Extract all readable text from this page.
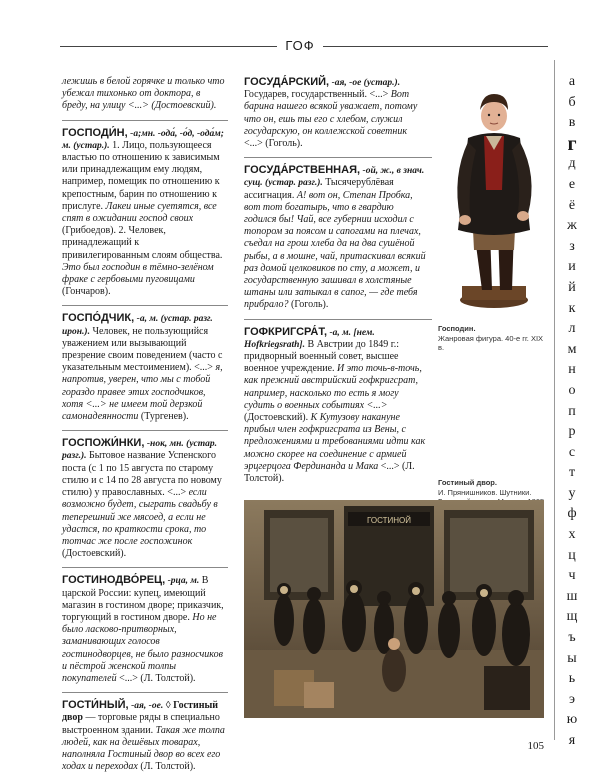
ГОФ
лежишь в белой горячке и только что убежал тихонько от доктора, в бреду, на улицу <...> (Достоевский).
ГОСПОДИ́Н, -а;мн. -ода́, -о́д, -ода́м; м. (устар.). 1. Лицо, пользующееся властью по отношению к зависимым или принадлежащим ему людям, например, помещик по отношению к крепостным, барин по отношению к прислуге. Лакеи иные суетятся, все спят в ожидании господ своих (Грибоедов). 2. Человек, принадлежащий к привилегированным слоям общества. Это был господин в тёмно-зелёном фраке с гербовыми пуговицами (Гончаров).
ГОСПО́ДЧИК, -а, м. (устар. разг. ирон.). Человек, не пользующийся уважением или вызывающий презрение своим поведением (часто с указательным местоимением). <...> я, напротив, уверен, что мы с тобой гораздо правее этих господчиков, хотя <...> не имеем той дерзкой самонадеянности (Тургенев).
ГОСПОЖИ́НКИ, -нок, мн. (устар. разг.). Бытовое название Успенского поста (с 1 по 15 августа по старому стилю и с 14 по 28 августа по новому стилю) у православных. <...> если возможно будет, сыграть свадьбу в теперешний же мясоед, а если не удастся, по краткости срока, то тотчас же после госпожинок (Достоевский).
ГОСТИНОДВО́РЕЦ, -рца, м. В царской России: купец, имеющий магазин в гостином дворе; приказчик, торгующий в гостином дворе. Но не было ласково-притворных, заманивающих голосов гостинодворцев, не было разносчиков и пёстрой женской толпы покупателей <...> (Л. Толстой).
ГОСТИ́НЫЙ, -ая, -ое. ◊ Гостиный двор — торговые ряды в специально выстроенном здании. Такая же толпа людей, как на дешёвых товарах, наполняла Гостиный двор во всех его ходах и переходах (Л. Толстой).
ГОСУДА́РСКИЙ, -ая, -ое (устар.). Государев, государственный. <...> Вот барина нашего всякой уважает, потому что он, ешь ты его с хлебом, служил государскую, он коллежской советник <...> (Гоголь).
ГОСУДА́РСТВЕННАЯ, -ой, ж., в знач. сущ. (устар. разг.). Тысячерублёвая ассигнация. А! вот он, Степан Пробка, вот тот богатырь, что в гвардию годился бы! Чай, все губернии исходил с топором за поясом и сапогами на плечах, съедал на грош хлеба да на два сушёной рыбы, а в мошне, чай, притаскивал всякий раз домой целковиков по сту, а может, и государственную зашивал в холстяные штаны или затыкал в сапог, — где тебя прибрало? (Гоголь).
ГОФКРИГСРА́Т, -а, м. [нем. Hofkriegsrath]. В Австрии до 1849 г.: придворный военный совет, высшее военное учреждение. И это точь-в-точь, как прежний австрийский гофкригсрат, например, насколько то есть я могу судить о военных событиях <...> (Достоевский). К Кутузову накануне прибыл член гофкригсрата из Вены, с предложениями и требованиями идти как можно скорее на соединение с армией эрцгерцога Фердинанда и Мака <...> (Л. Толстой).
Господин.
Жанровая фигура. 40-е гг. XIX в.
Гостиный двор.
И. Прянишников. Шутники.
ГОСТИНОЙ
а
б
в
г
д
е
ё
ж
з
и
й
к
л
м
н
о
п
р
с
т
у
ф
х
ц
ч
ш
щ
ъ
ы
ь
э
ю
я
105
